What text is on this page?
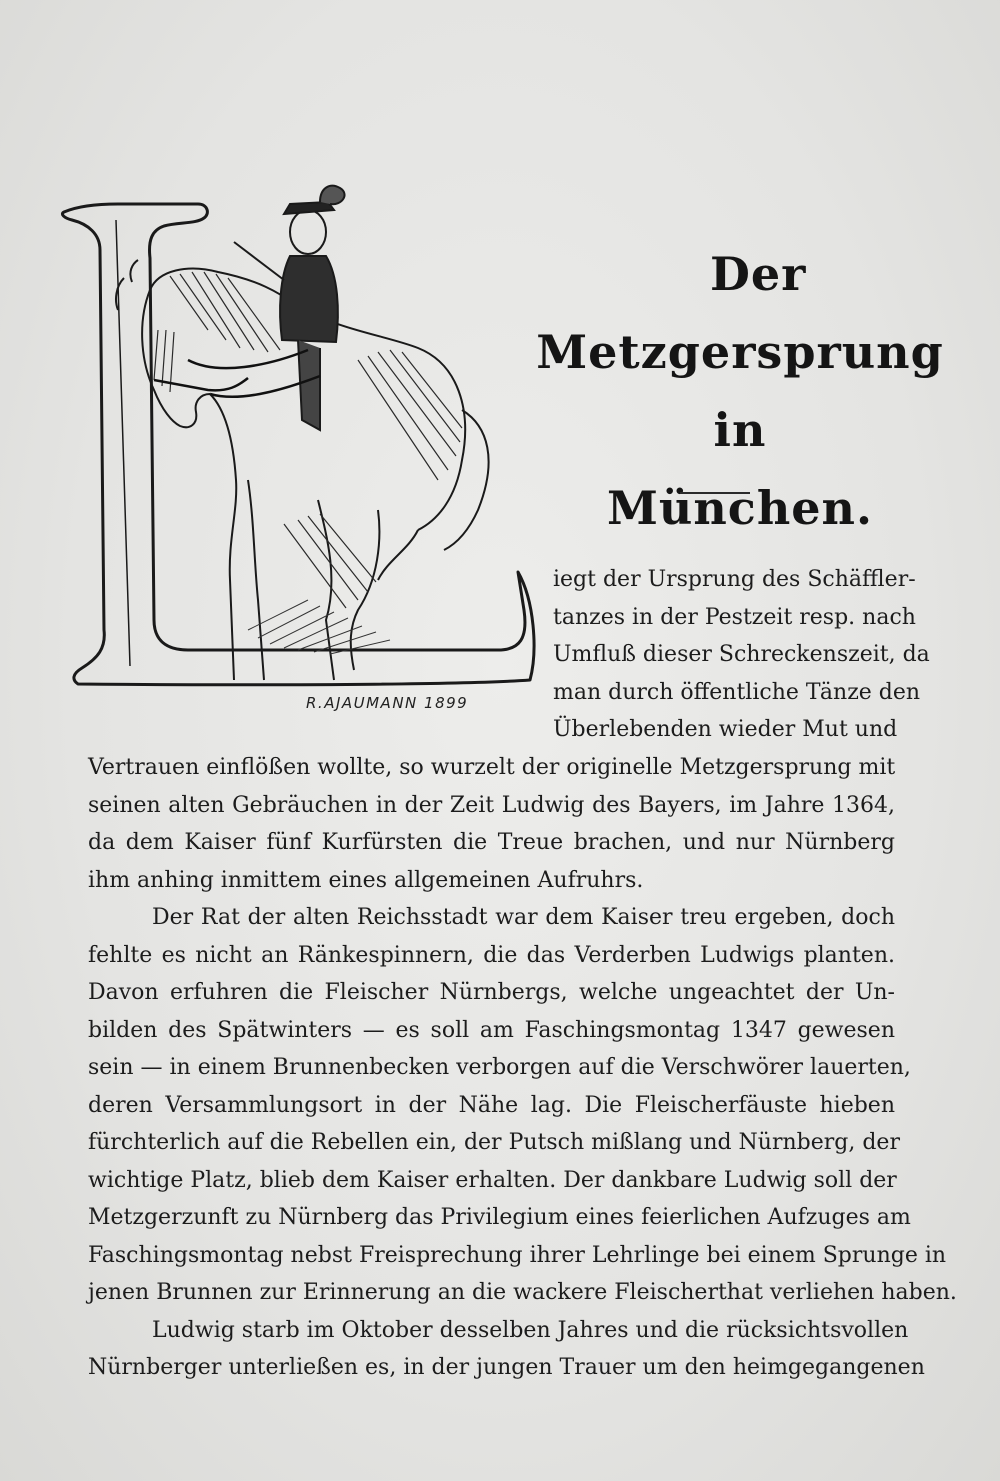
R.AJAUMANN 1899
Der
Metzgersprung in
München.
iegt der Ursprung des Schäffler-
tanzes in der Pestzeit resp. nach
Umfluß dieser Schreckenszeit, da
man durch öffentliche Tänze den
Überlebenden wieder Mut und
Vertrauen einflößen wollte, so wurzelt der originelle Metzgersprung mit
seinen alten Gebräuchen in der Zeit Ludwig des Bayers, im Jahre 1364,
da dem Kaiser fünf Kurfürsten die Treue brachen, und nur Nürnberg
ihm anhing inmittem eines allgemeinen Aufruhrs.
Der Rat der alten Reichsstadt war dem Kaiser treu ergeben, doch
fehlte es nicht an Ränkespinnern, die das Verderben Ludwigs planten.
Davon erfuhren die Fleischer Nürnbergs, welche ungeachtet der Un-
bilden des Spätwinters — es soll am Faschingsmontag 1347 gewesen
sein — in einem Brunnenbecken verborgen auf die Verschwörer lauerten,
deren Versammlungsort in der Nähe lag. Die Fleischerfäuste hieben
fürchterlich auf die Rebellen ein, der Putsch mißlang und Nürnberg, der
wichtige Platz, blieb dem Kaiser erhalten. Der dankbare Ludwig soll der
Metzgerzunft zu Nürnberg das Privilegium eines feierlichen Aufzuges am
Faschingsmontag nebst Freisprechung ihrer Lehrlinge bei einem Sprunge in
jenen Brunnen zur Erinnerung an die wackere Fleischerthat verliehen haben.
Ludwig starb im Oktober desselben Jahres und die rücksichtsvollen
Nürnberger unterließen es, in der jungen Trauer um den heimgegangenen
